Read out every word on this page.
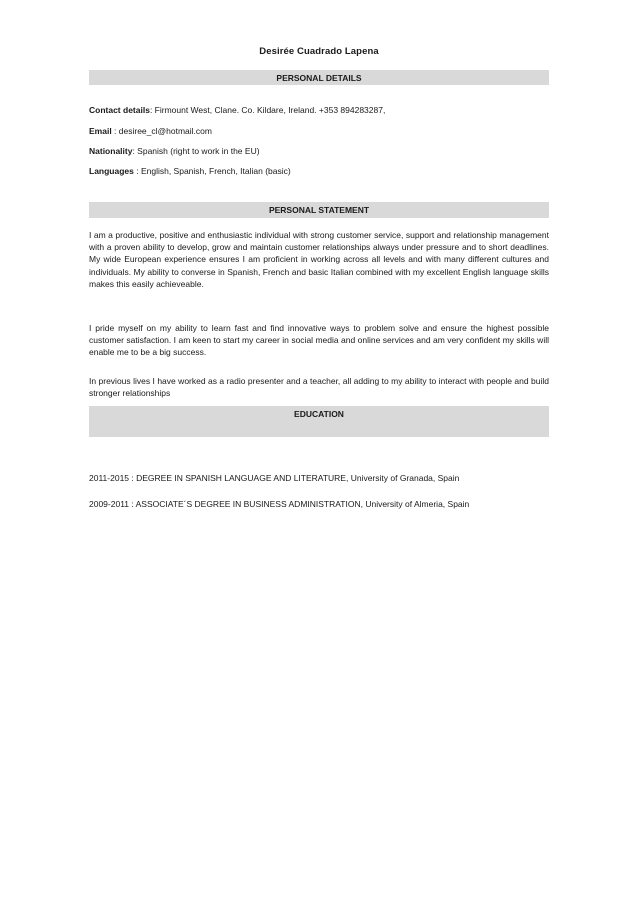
Desirée Cuadrado Lapena
PERSONAL DETAILS
Contact details: Firmount West, Clane. Co. Kildare, Ireland. +353 894283287,
Email : desiree_cl@hotmail.com
Nationality: Spanish (right to work in the EU)
Languages : English, Spanish, French, Italian (basic)
PERSONAL STATEMENT
I am a productive, positive and enthusiastic individual with strong customer service, support and relationship management with a proven ability to develop, grow and maintain customer relationships always under pressure and to short deadlines. My wide European experience ensures I am proficient in working across all levels and with many different cultures and individuals. My ability to converse in Spanish, French and basic Italian combined with my excellent English language skills makes this easily achieveable.
I pride myself on my ability to learn fast and find innovative ways to problem solve and ensure the highest possible customer satisfaction. I am keen to start my career in social media and online services and am very confident my skills will enable me to be a big success.
In previous lives I have worked as a radio presenter and a teacher, all adding to my ability to interact with people and build stronger relationships
EDUCATION
2011-2015 : DEGREE IN SPANISH LANGUAGE AND LITERATURE, University of Granada, Spain
2009-2011 : ASSOCIATE´S DEGREE IN BUSINESS ADMINISTRATION, University of Almeria, Spain
